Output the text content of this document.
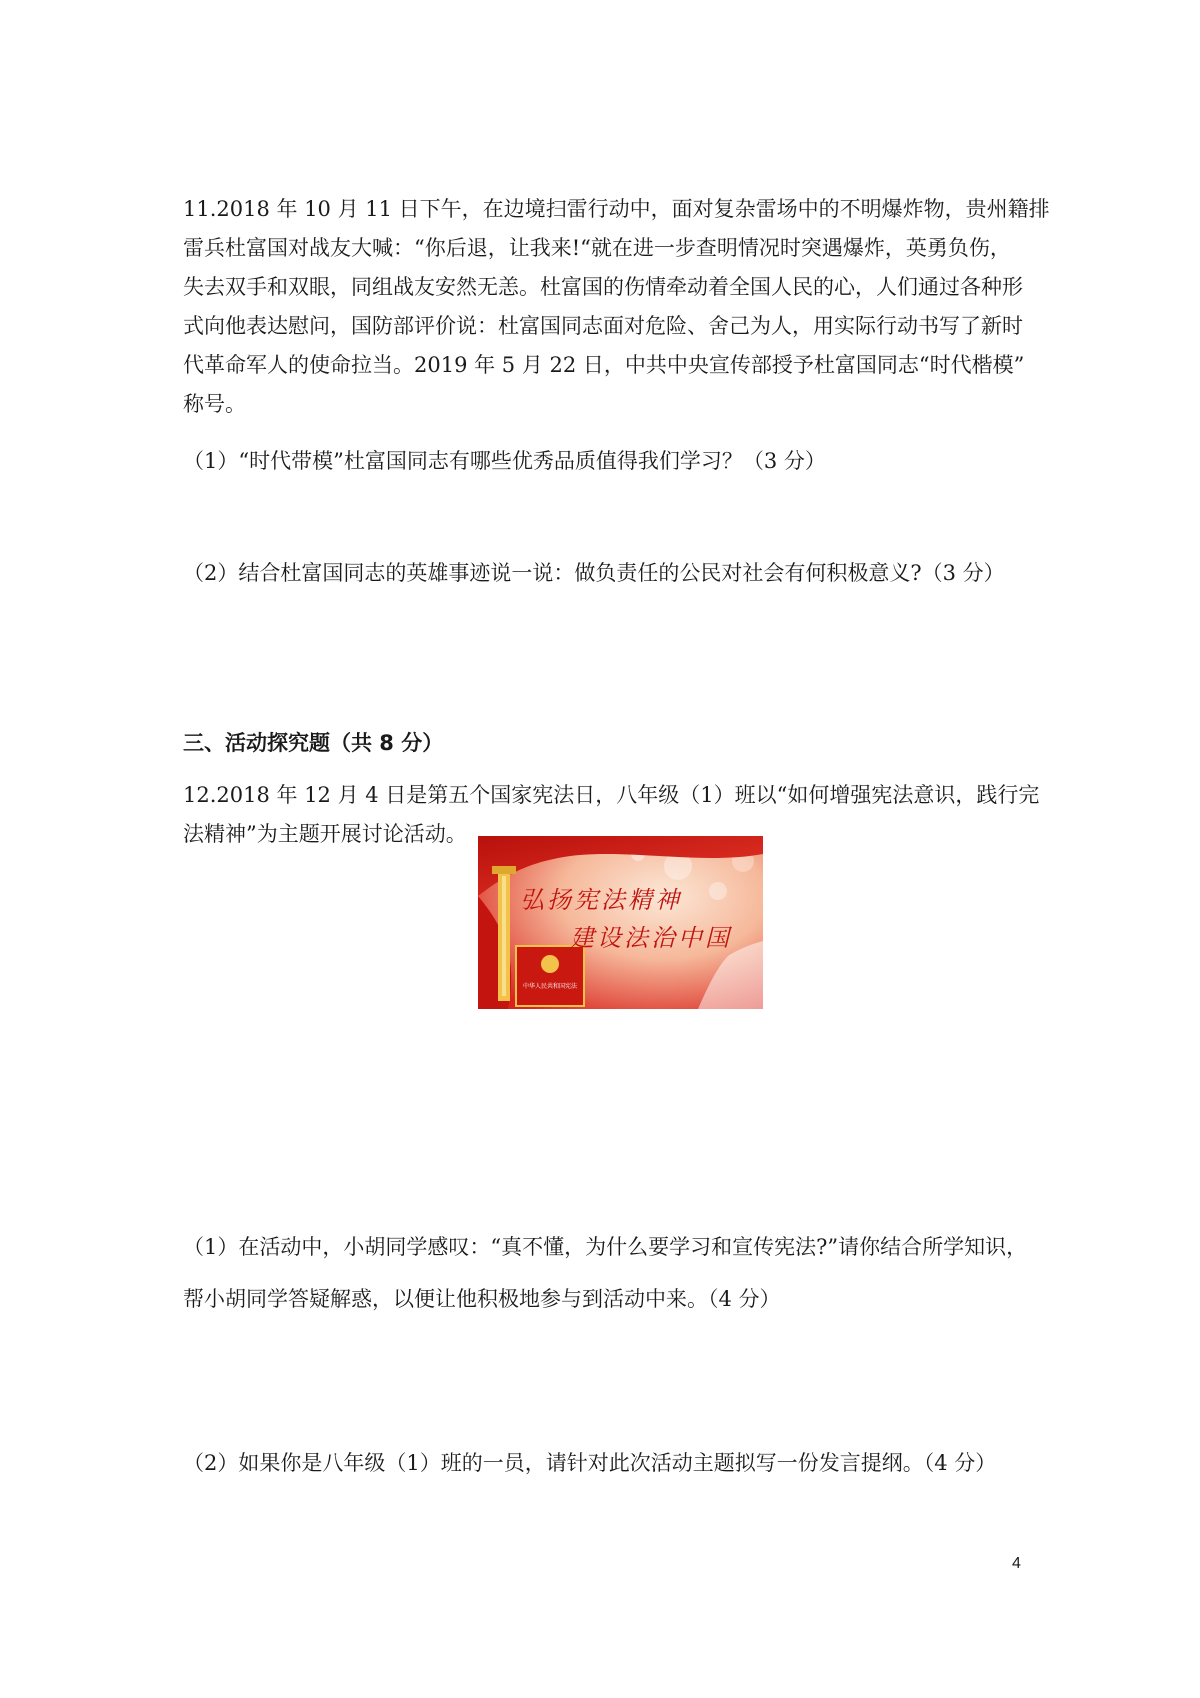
11.2018 年 10 月 11 日下午，在边境扫雷行动中，面对复杂雷场中的不明爆炸物，贵州籍排
雷兵杜富国对战友大喊：“你后退，让我来!“就在进一步查明情况时突遇爆炸，英勇负伤，
失去双手和双眼，同组战友安然无恙。杜富国的伤情牵动着全国人民的心，人们通过各种形
式向他表达慰问，国防部评价说：杜富国同志面对危险、舍己为人，用实际行动书写了新时
代革命军人的使命拉当。2019 年 5 月 22 日，中共中央宣传部授予杜富国同志“时代楷模”
称号。

（1）“时代带模”杜富国同志有哪些优秀品质值得我们学习？（3 分）

（2）结合杜富国同志的英雄事迹说一说：做负责任的公民对社会有何积极意义?（3 分）

三、活动探究题（共 8 分）

12.2018 年 12 月 4 日是第五个国家宪法日，八年级（1）班以“如何增强宪法意识，践行完
法精神”为主题开展讨论活动。
中华人民共和国宪法
弘扬宪法精神
建设法治中国

（1）在活动中，小胡同学感叹：“真不懂，为什么要学习和宣传宪法?”请你结合所学知识，

帮小胡同学答疑解惑，以便让他积极地参与到活动中来。（4 分）

（2）如果你是八年级（1）班的一员，请针对此次活动主题拟写一份发言提纲。（4 分）

4
